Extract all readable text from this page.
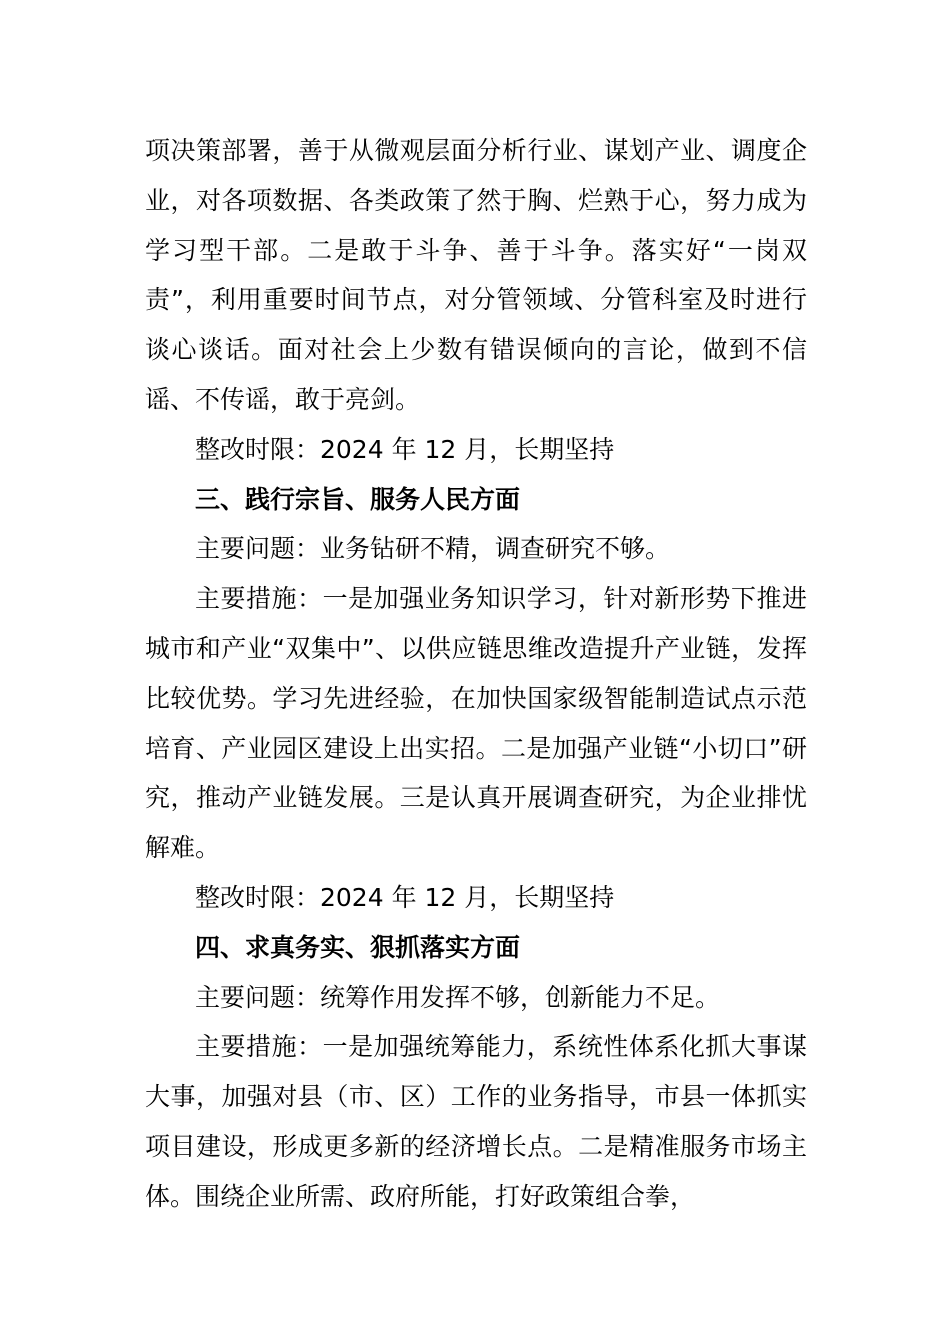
项决策部署，善于从微观层面分析行业、谋划产业、调度企业，对各项数据、各类政策了然于胸、烂熟于心，努力成为学习型干部。二是敢于斗争、善于斗争。落实好“一岗双责”，利用重要时间节点，对分管领域、分管科室及时进行谈心谈话。面对社会上少数有错误倾向的言论，做到不信谣、不传谣，敢于亮剑。

整改时限：2024 年 12 月，长期坚持

三、践行宗旨、服务人民方面

主要问题：业务钻研不精，调查研究不够。

主要措施：一是加强业务知识学习，针对新形势下推进城市和产业“双集中”、以供应链思维改造提升产业链，发挥比较优势。学习先进经验，在加快国家级智能制造试点示范培育、产业园区建设上出实招。二是加强产业链“小切口”研究，推动产业链发展。三是认真开展调查研究，为企业排忧解难。

整改时限：2024 年 12 月，长期坚持

四、求真务实、狠抓落实方面

主要问题：统筹作用发挥不够，创新能力不足。

主要措施：一是加强统筹能力，系统性体系化抓大事谋大事，加强对县（市、区）工作的业务指导，市县一体抓实项目建设，形成更多新的经济增长点。二是精准服务市场主体。围绕企业所需、政府所能，打好政策组合拳，
